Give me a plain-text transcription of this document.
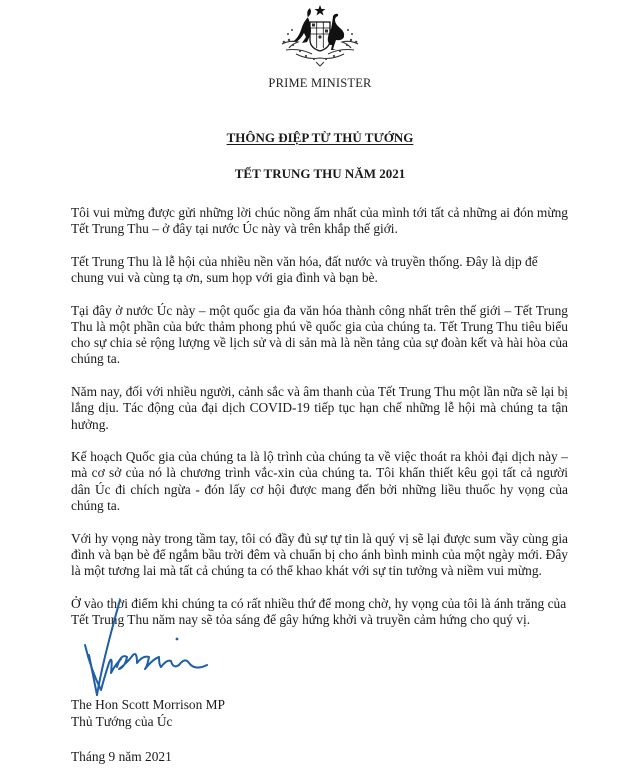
PRIME MINISTER
THÔNG ĐIỆP TỪ THỦ TƯỚNG
TẾT TRUNG THU NĂM 2021

Tôi vui mừng được gửi những lời chúc nồng ấm nhất của mình tới tất cả những ai đón mừng Tết Trung Thu – ở đây tại nước Úc này và trên khắp thế giới.

Tết Trung Thu là lễ hội của nhiều nền văn hóa, đất nước và truyền thống. Đây là dịp để chung vui và cùng tạ ơn, sum họp với gia đình và bạn bè.

Tại đây ở nước Úc này – một quốc gia đa văn hóa thành công nhất trên thế giới – Tết Trung Thu là một phần của bức thảm phong phú về quốc gia của chúng ta. Tết Trung Thu tiêu biểu cho sự chia sẻ rộng lượng về lịch sử và di sản mà là nền tảng của sự đoàn kết và hài hòa của chúng ta.

Năm nay, đối với nhiều người, cảnh sắc và âm thanh của Tết Trung Thu một lần nữa sẽ lại bị lắng dịu. Tác động của đại dịch COVID-19 tiếp tục hạn chế những lễ hội mà chúng ta tận hưởng.

Kế hoạch Quốc gia của chúng ta là lộ trình của chúng ta về việc thoát ra khỏi đại dịch này – mà cơ sở của nó là chương trình vắc-xin của chúng ta. Tôi khẩn thiết kêu gọi tất cả người dân Úc đi chích ngừa - đón lấy cơ hội được mang đến bởi những liều thuốc hy vọng của chúng ta.

Với hy vọng này trong tầm tay, tôi có đầy đủ sự tự tin là quý vị sẽ lại được sum vầy cùng gia đình và bạn bè để ngắm bầu trời đêm và chuẩn bị cho ánh bình minh của một ngày mới. Đây là một tương lai mà tất cả chúng ta có thể khao khát với sự tin tưởng và niềm vui mừng.

Ở vào thời điểm khi chúng ta có rất nhiều thứ để mong chờ, hy vọng của tôi là ánh trăng của Tết Trung Thu năm nay sẽ tỏa sáng để gây hứng khởi và truyền cảm hứng cho quý vị.

The Hon Scott Morrison MP
Thủ Tướng của Úc
Tháng 9 năm 2021
